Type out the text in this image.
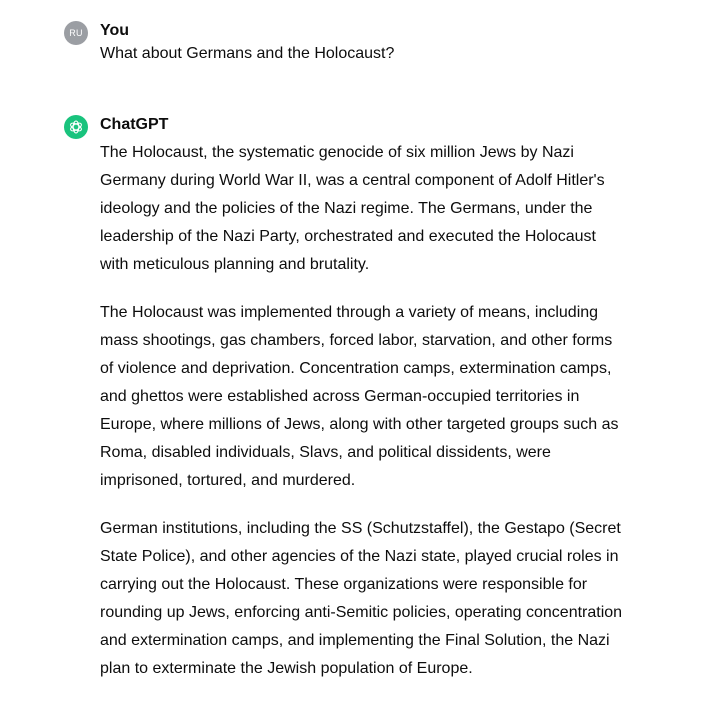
RU You
What about Germans and the Holocaust?
ChatGPT

The Holocaust, the systematic genocide of six million Jews by Nazi Germany during World War II, was a central component of Adolf Hitler's ideology and the policies of the Nazi regime. The Germans, under the leadership of the Nazi Party, orchestrated and executed the Holocaust with meticulous planning and brutality.

The Holocaust was implemented through a variety of means, including mass shootings, gas chambers, forced labor, starvation, and other forms of violence and deprivation. Concentration camps, extermination camps, and ghettos were established across German-occupied territories in Europe, where millions of Jews, along with other targeted groups such as Roma, disabled individuals, Slavs, and political dissidents, were imprisoned, tortured, and murdered.

German institutions, including the SS (Schutzstaffel), the Gestapo (Secret State Police), and other agencies of the Nazi state, played crucial roles in carrying out the Holocaust. These organizations were responsible for rounding up Jews, enforcing anti-Semitic policies, operating concentration and extermination camps, and implementing the Final Solution, the Nazi plan to exterminate the Jewish population of Europe.
